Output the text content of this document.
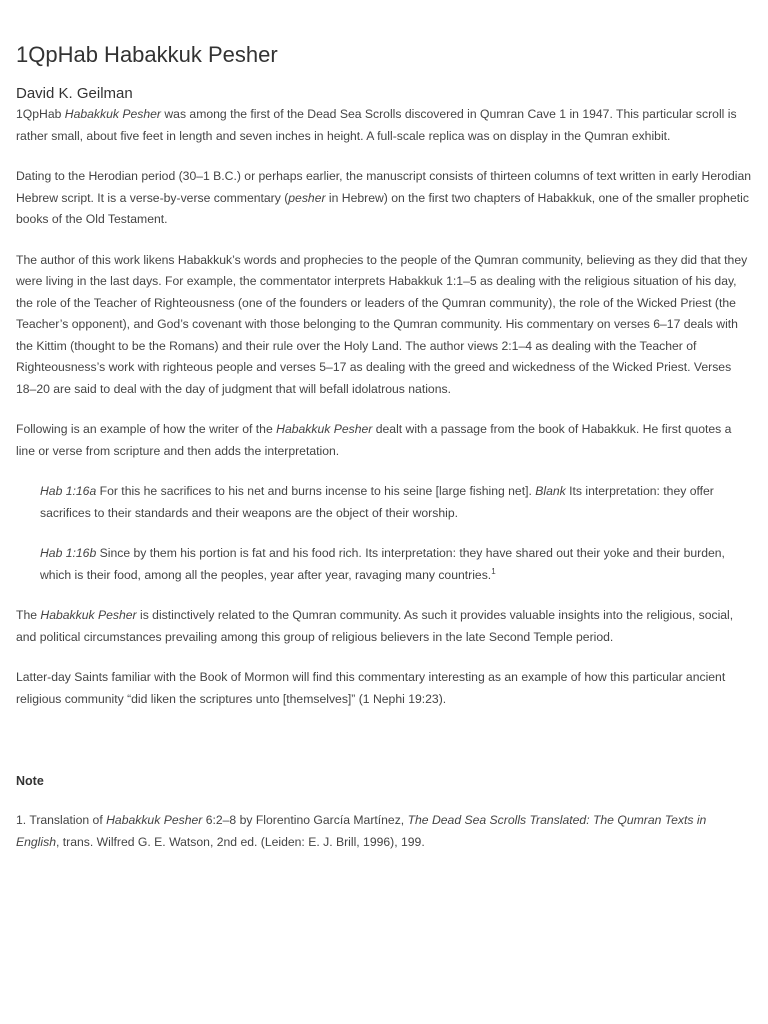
1QpHab Habakkuk Pesher
David K. Geilman

1QpHab Habakkuk Pesher was among the first of the Dead Sea Scrolls discovered in Qumran Cave 1 in 1947. This particular scroll is rather small, about five feet in length and seven inches in height. A full-scale replica was on display in the Qumran exhibit.

Dating to the Herodian period (30–1 B.C.) or perhaps earlier, the manuscript consists of thirteen columns of text written in early Herodian Hebrew script. It is a verse-by-verse commentary (pesher in Hebrew) on the first two chapters of Habakkuk, one of the smaller prophetic books of the Old Testament.

The author of this work likens Habakkuk’s words and prophecies to the people of the Qumran community, believing as they did that they were living in the last days. For example, the commentator interprets Habakkuk 1:1–5 as dealing with the religious situation of his day, the role of the Teacher of Righteousness (one of the founders or leaders of the Qumran community), the role of the Wicked Priest (the Teacher’s opponent), and God’s covenant with those belonging to the Qumran community. His commentary on verses 6–17 deals with the Kittim (thought to be the Romans) and their rule over the Holy Land. The author views 2:1–4 as dealing with the Teacher of Righteousness’s work with righteous people and verses 5–17 as dealing with the greed and wickedness of the Wicked Priest. Verses 18–20 are said to deal with the day of judgment that will befall idolatrous nations.

Following is an example of how the writer of the Habakkuk Pesher dealt with a passage from the book of Habakkuk. He first quotes a line or verse from scripture and then adds the interpretation.

Hab 1:16a For this he sacrifices to his net and burns incense to his seine [large fishing net]. Blank Its interpretation: they offer sacrifices to their standards and their weapons are the object of their worship.

Hab 1:16b Since by them his portion is fat and his food rich. Its interpretation: they have shared out their yoke and their burden, which is their food, among all the peoples, year after year, ravaging many countries.$^1$

The Habakkuk Pesher is distinctively related to the Qumran community. As such it provides valuable insights into the religious, social, and political circumstances prevailing among this group of religious believers in the late Second Temple period.

Latter-day Saints familiar with the Book of Mormon will find this commentary interesting as an example of how this particular ancient religious community “did liken the scriptures unto [themselves]” (1 Nephi 19:23).

Note

1. Translation of Habakkuk Pesher 6:2–8 by Florentino García Martínez, The Dead Sea Scrolls Translated: The Qumran Texts in English, trans. Wilfred G. E. Watson, 2nd ed. (Leiden: E. J. Brill, 1996), 199.
